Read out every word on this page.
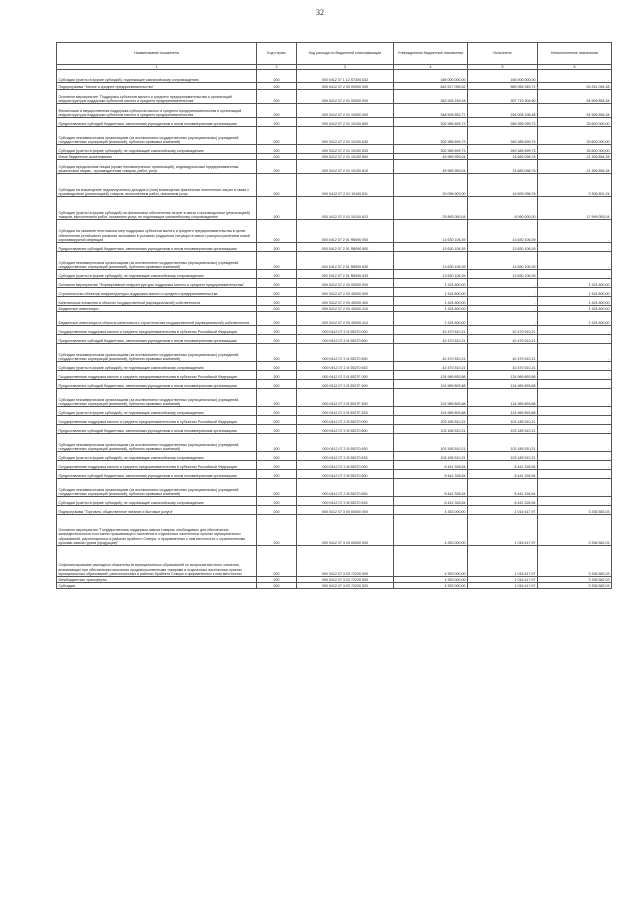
32
Наименование показателя	Код строки	Код расхода по бюджетной классификации	Утвержденные бюджетные назначения	Исполнено	Неисполненные назначения
1	2	3	4	5	6
Субсидии (гранты в форме субсидий), подлежащие казначейскому сопровождению	200	000 0412 07 1 12 S7300 632	165 000 000,00	165 000 000,00	-
Подпрограмма "Малое и среднее предпринимательство"	200	000 0412 07 2 00 00000 000	642 517 055,52	589 065 345,72	53 251 054,28
Основное мероприятие "Поддержка субъектов малого и среднего предпринимательства и организаций инфраструктуры поддержки субъектов малого и среднего предпринимательства"	200	000 0412 07 2 01 00000 000	362 925 159,18	307 719 304,90	54 906 854,28
Финансовая и имущественная поддержка субъектов малого и среднего предпринимательства и организаций инфраструктуры поддержки субъектов малого и среднего предпринимательства	200	000 0412 07 2 01 10000 000	348 905 652,77	294 008 198,48	54 906 854,28
Предоставление субсидий бюджетным, автономным учреждениям и иным некоммерческим организациям	200	000 0412 07 2 01 10100 600	302 985 699,73	289 355 099,73	33 600 000,00
Субсидии некоммерческим организациям (за исключением государственных (муниципальных) учреждений, государственных корпораций (компаний), публично-правовых компаний)	200	000 0412 07 2 01 10100 630	302 985 699,73	269 385 699,73	33 600 000,00
Субсидии (гранты в форме субсидий), не подлежащие казначейскому сопровождению	200	000 0412 07 2 01 10100 633	302 985 699,73	269 385 699,73	33 600 000,00
Иные бюджетные ассигнования	200	000 0412 07 2 01 10100 800	45 989 953,04	24 683 098,76	21 306 854,28
Субсидии юридическим лицам (кроме некоммерческих организаций), индивидуальным предпринимателям, физическим лицам - производителям товаров, работ, услуг	200	000 0412 07 2 01 10100 810	45 989 953,04	24 683 098,76	21 306 854,28
Субсидии на возмещение недополученных доходов и (или) возмещение фактически понесенных затрат в связи с производством (реализацией) товаров, выполнением работ, оказанием услуг	200	000 0412 07 2 01 10100 811	20 096 903,00	16 693 098,76	3 306 801,24
Субсидии (гранты в форме субсидий) на финансовое обеспечение затрат в связи с производством (реализацией) товаров, выполнением работ, оказанием услуг, не подлежащие казначейскому сопровождению	200	000 0412 07 2 01 10100 813	25 893 050,04	8 090 000,00	17 999 053,04
Субсидии на оказание неотложных мер поддержки субъектов малого и среднего предпринимательства в целях обеспечения устойчивого развития экономики в условиях ухудшения ситуации в связи с распространением новой коронавирусной инфекции	200	000 0412 07 2 01 R8090 000	13 630 106,39	13 630 106,39	-
Предоставление субсидий бюджетным, автономным учреждениям и иным некоммерческим организациям	200	000 0412 07 2 01 R8090 600	13 630 106,39	13 630 106,39	-
Субсидии некоммерческим организациям (за исключением государственных (муниципальных) учреждений, государственных корпораций (компаний), публично-правовых компаний)	200	000 0412 07 2 01 R8090 630	13 630 106,39	13 630 106,39	-
Субсидии (гранты в форме субсидий), не подлежащие казначейскому сопровождению	200	000 0412 07 2 01 R8090 633	13 630 106,39	13 630 106,39	-
Основное мероприятие "Формирование инфраструктуры поддержки малого и среднего предпринимательства"	200	000 0412 07 2 03 00000 000	1 324 800,00	-	1 324 800,00
Строительство объектов инфраструктуры поддержки малого и среднего предпринимательства	200	000 0412 07 2 03 40000 000	1 324 800,00	-	1 324 800,00
Капитальные вложения в объекты государственной (муниципальной) собственности	200	000 0412 07 2 03 40000 400	1 324 800,00	-	1 324 800,00
Бюджетные инвестиции	200	000 0412 07 2 03 40000 410	1 324 800,00	-	1 324 800,00
Бюджетные инвестиции в объекты капитального строительства государственной (муниципальной) собственности	200	000 0412 07 2 03 40000 414	1 324 800,00	-	1 324 800,00
Государственная поддержка малого и среднего предпринимательства в субъектах Российской Федерации	200	000 0412 07 2 I4 55270 000	42 470 510,21	42 470 510,21	-
Предоставление субсидий бюджетным, автономным учреждениям и иным некоммерческим организациям	200	000 0412 07 2 I4 55270 600	42 470 510,21	42 470 510,21	-
Субсидии некоммерческим организациям (за исключением государственных (муниципальных) учреждений, государственных корпораций (компаний), публично-правовых компаний)	200	000 0412 07 2 I4 55270 630	42 470 510,21	42 470 510,21	-
Субсидии (гранты в форме субсидий), не подлежащие казначейскому сопровождению	200	000 0412 07 2 I4 55270 633	42 470 510,21	42 470 510,21	-
Государственная поддержка малого и среднего предпринимательства в субъектах Российской Федерации	200	000 0412 07 2 I5 5527F 000	124 989 893,88	124 989 893,88	-
Предоставление субсидий бюджетным, автономным учреждениям и иным некоммерческим организациям	200	000 0412 07 2 I5 5527F 600	124 989 893,88	124 989 893,88	-
Субсидии некоммерческим организациям (за исключением государственных (муниципальных) учреждений, государственных корпораций (компаний), публично-правовых компаний)	200	000 0412 07 2 I5 5527F 630	124 989 893,88	124 989 893,88	-
Субсидии (гранты в форме субсидий), не подлежащие казначейскому сопровождению	200	000 0412 07 2 I5 5527F 633	124 989 893,88	124 989 893,88	-
Государственная поддержка малого и среднего предпринимательства в субъектах Российской Федерации	200	000 0412 07 2 I5 55270 000	103 185 510,21	103 185 510,21	-
Предоставление субсидий бюджетным, автономным учреждениям и иным некоммерческим организациям	200	000 0412 07 2 I5 55270 600	103 185 510,21	103 185 510,21	-
Субсидии некоммерческим организациям (за исключением государственных (муниципальных) учреждений, государственных корпораций (компаний), публично-правовых компаний)	200	000 0412 07 2 I5 55270 630	103 185 510,21	103 185 510,21	-
Субсидии (гранты в форме субсидий), не подлежащие казначейскому сопровождению	200	000 0412 07 2 I5 55270 633	103 185 510,21	103 185 510,21	-
Государственная поддержка малого и среднего предпринимательства в субъектах Российской Федерации	200	000 0412 07 2 I8 55270 000	8 441 326,54	8 441 326,54	-
Предоставление субсидий бюджетным, автономным учреждениям и иным некоммерческим организациям	200	000 0412 07 2 I8 55270 600	8 441 326,54	8 441 326,54	-
Субсидии некоммерческим организациям (за исключением государственных (муниципальных) учреждений, государственных корпораций (компаний), публично-правовых компаний)	200	000 0412 07 2 I8 55270 630	8 441 326,54	8 441 326,54	-
Субсидии (гранты в форме субсидий), не подлежащие казначейскому сопровождению	200	000 0412 07 2 I8 55270 633	8 441 326,54	8 441 326,54	-
Подпрограмма "Торговля, общественное питание и бытовые услуги"	200	000 0412 07 3 00 00000 000	4 353 000,00	1 016 417,97	3 336 582,03
Основное мероприятие "Государственная поддержка завоза товаров, необходимых для обеспечения жизнедеятельности постоянно проживающего населения в отдаленных населенных пунктах муниципальных образований, расположенных в районах Крайнего Севера, и приравненных к ним местностях с ограниченными сроками завоза грузов (продукции)"	200	000 0412 07 3 03 00000 000	4 353 000,00	1 016 417,97	3 336 582,03
Софинансирование расходных обязательств муниципальных образований по вопросам местного значения, возникающих при обеспечении населения продовольственными товарами в отдаленных населенных пунктах муниципальных образований, расположенных в районах Крайнего Севера и приравненных к ним местностях	200	000 0412 07 3 03 72230 000	4 353 000,00	1 016 417,97	3 336 582,03
Межбюджетные трансферты	200	000 0412 07 3 03 72230 500	4 353 000,00	1 016 417,97	3 336 582,03
Субсидии	200	000 0412 07 3 03 72230 520	4 353 000,00	1 016 417,97	3 336 582,03
